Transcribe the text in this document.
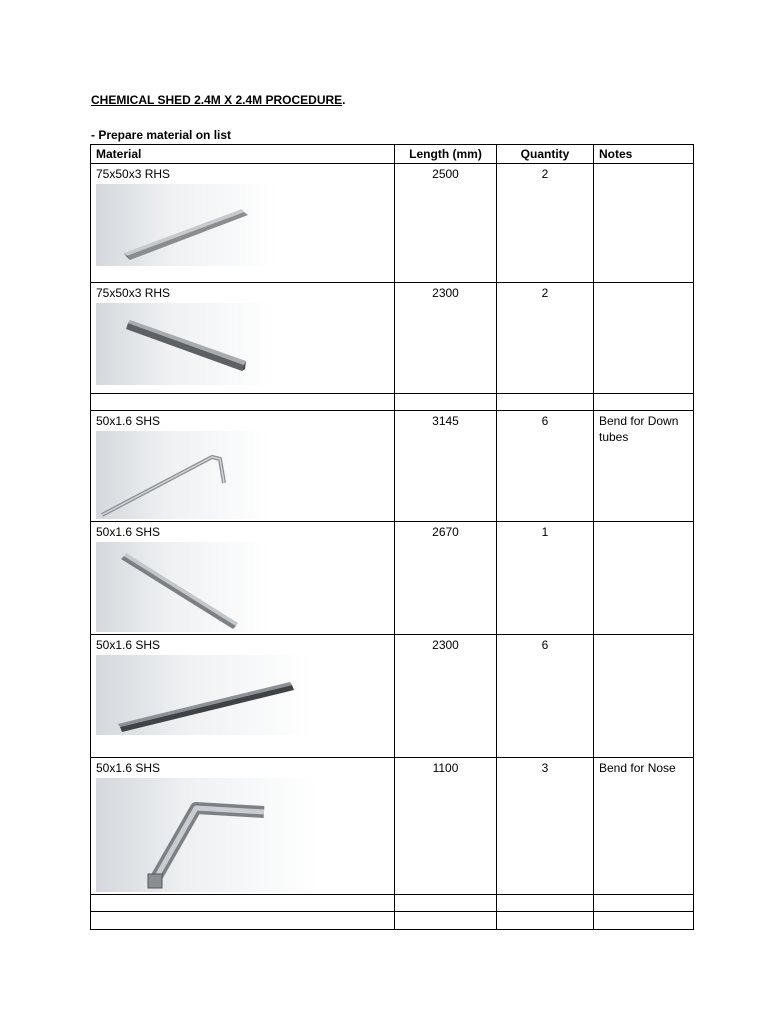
CHEMICAL SHED 2.4M X 2.4M PROCEDURE.
- Prepare material on list
Material	Length (mm)	Quantity	Notes

75x50x3 RHS	2500	2	

75x50x3 RHS	2300	2	

50x1.6 SHS	3145	6	Bend for Down tubes

50x1.6 SHS	2670	1	

50x1.6 SHS	2300	6	

50x1.6 SHS	1100	3	Bend for Nose
